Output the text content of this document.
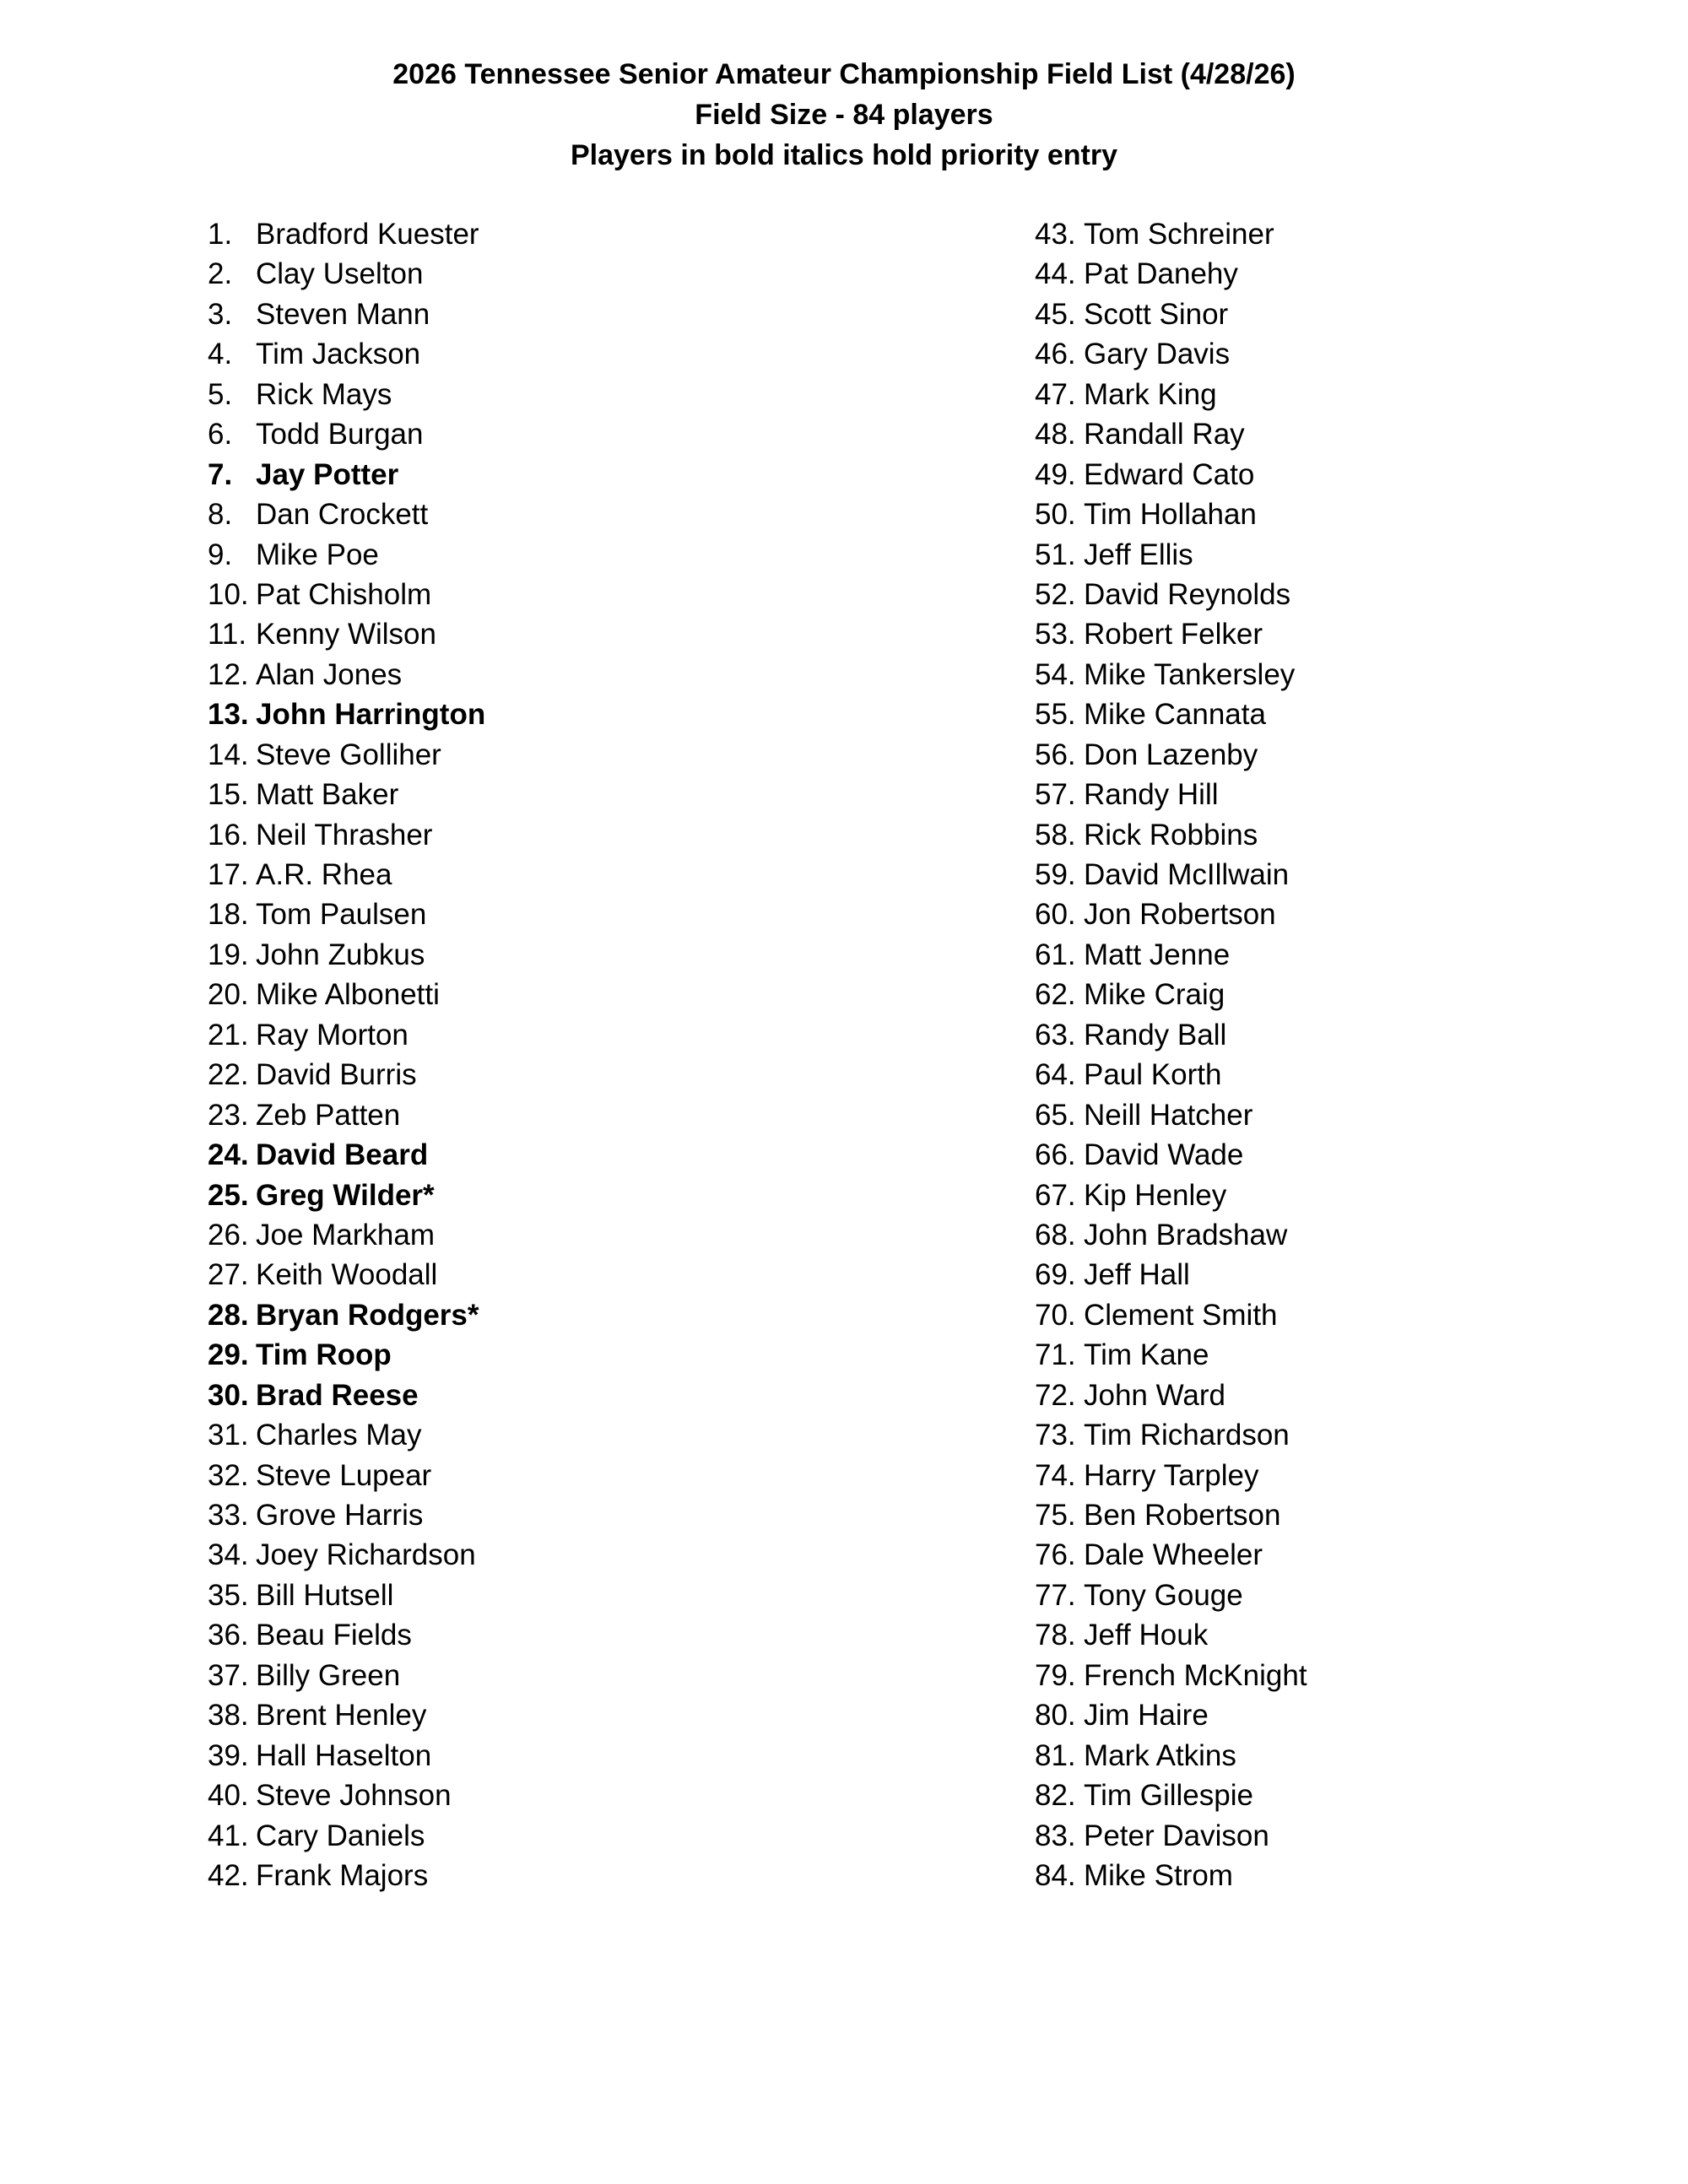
2026 Tennessee Senior Amateur Championship Field List (4/28/26)
Field Size - 84 players
Players in bold italics hold priority entry
1. Bradford Kuester
2. Clay Uselton
3. Steven Mann
4. Tim Jackson
5. Rick Mays
6. Todd Burgan
7. Jay Potter
8. Dan Crockett
9. Mike Poe
10. Pat Chisholm
11. Kenny Wilson
12. Alan Jones
13. John Harrington
14. Steve Golliher
15. Matt Baker
16. Neil Thrasher
17. A.R. Rhea
18. Tom Paulsen
19. John Zubkus
20. Mike Albonetti
21. Ray Morton
22. David Burris
23. Zeb Patten
24. David Beard
25. Greg Wilder*
26. Joe Markham
27. Keith Woodall
28. Bryan Rodgers*
29. Tim Roop
30. Brad Reese
31. Charles May
32. Steve Lupear
33. Grove Harris
34. Joey Richardson
35. Bill Hutsell
36. Beau Fields
37. Billy Green
38. Brent Henley
39. Hall Haselton
40. Steve Johnson
41. Cary Daniels
42. Frank Majors
43. Tom Schreiner
44. Pat Danehy
45. Scott Sinor
46. Gary Davis
47. Mark King
48. Randall Ray
49. Edward Cato
50. Tim Hollahan
51. Jeff Ellis
52. David Reynolds
53. Robert Felker
54. Mike Tankersley
55. Mike Cannata
56. Don Lazenby
57. Randy Hill
58. Rick Robbins
59. David McIllwain
60. Jon Robertson
61. Matt Jenne
62. Mike Craig
63. Randy Ball
64. Paul Korth
65. Neill Hatcher
66. David Wade
67. Kip Henley
68. John Bradshaw
69. Jeff Hall
70. Clement Smith
71. Tim Kane
72. John Ward
73. Tim Richardson
74. Harry Tarpley
75. Ben Robertson
76. Dale Wheeler
77. Tony Gouge
78. Jeff Houk
79. French McKnight
80. Jim Haire
81. Mark Atkins
82. Tim Gillespie
83. Peter Davison
84. Mike Strom
